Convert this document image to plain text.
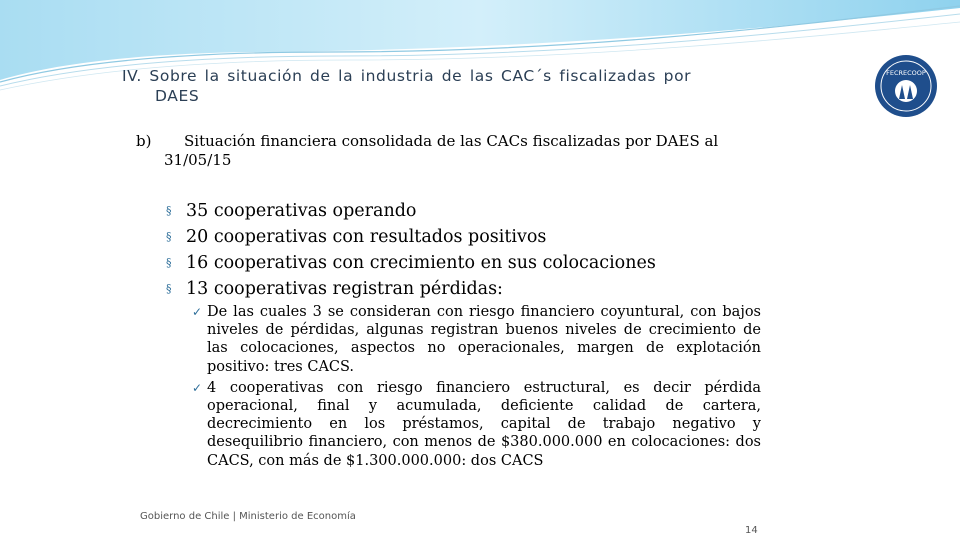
FECRECOOP
IV. Sobre la situación de la industria de las CAC´s fiscalizadas por
DAES
b) Situación financiera consolidada de las CACs fiscalizadas por DAES al
31/05/15
§ 35 cooperativas operando
§ 20 cooperativas con resultados positivos
§ 16 cooperativas con crecimiento en sus colocaciones
§ 13 cooperativas registran pérdidas:
✓ De las cuales 3 se consideran con riesgo financiero coyuntural, con bajos niveles de pérdidas, algunas registran buenos niveles de crecimiento de las colocaciones, aspectos no operacionales, margen de explotación positivo: tres CACS.
✓ 4 cooperativas con riesgo financiero estructural, es decir pérdida operacional, final y acumulada, deficiente calidad de cartera, decrecimiento en los préstamos, capital de trabajo negativo y desequilibrio financiero, con menos de $380.000.000 en colocaciones: dos CACS, con más de $1.300.000.000: dos CACS
Gobierno de Chile | Ministerio de Economía
14
